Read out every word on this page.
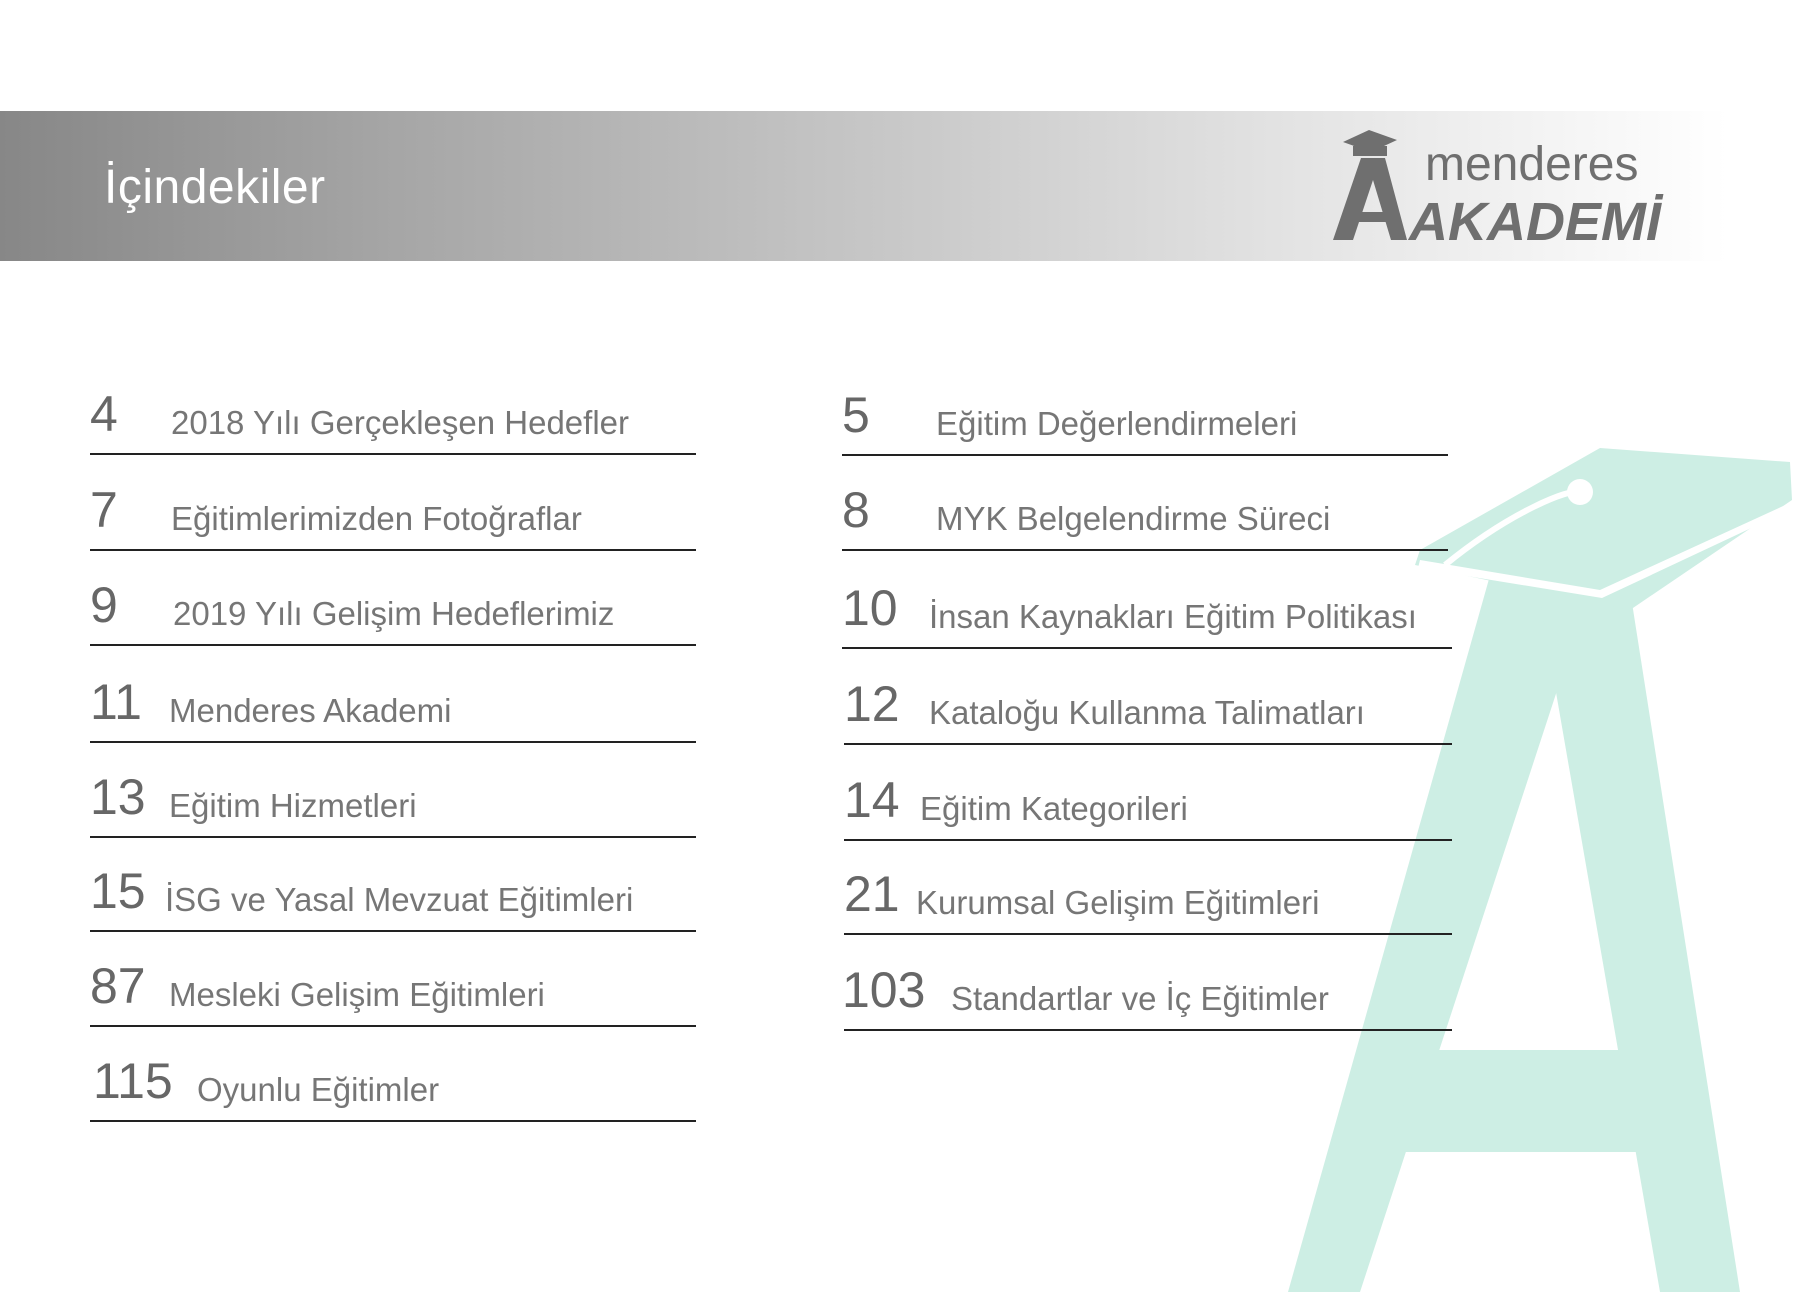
İçindekiler	menderes
AKADEMİ
4 2018 Yılı Gerçekleşen Hedefler
7 Eğitimlerimizden Fotoğraflar
9 2019 Yılı Gelişim Hedeflerimiz
11 Menderes Akademi
13 Eğitim Hizmetleri
15 İSG ve Yasal Mevzuat Eğitimleri
87 Mesleki Gelişim Eğitimleri
115 Oyunlu Eğitimler
5 Eğitim Değerlendirmeleri
8 MYK Belgelendirme Süreci
10 İnsan Kaynakları Eğitim Politikası
12 Kataloğu Kullanma Talimatları
14 Eğitim Kategorileri
21 Kurumsal Gelişim Eğitimleri
103 Standartlar ve İç Eğitimler
